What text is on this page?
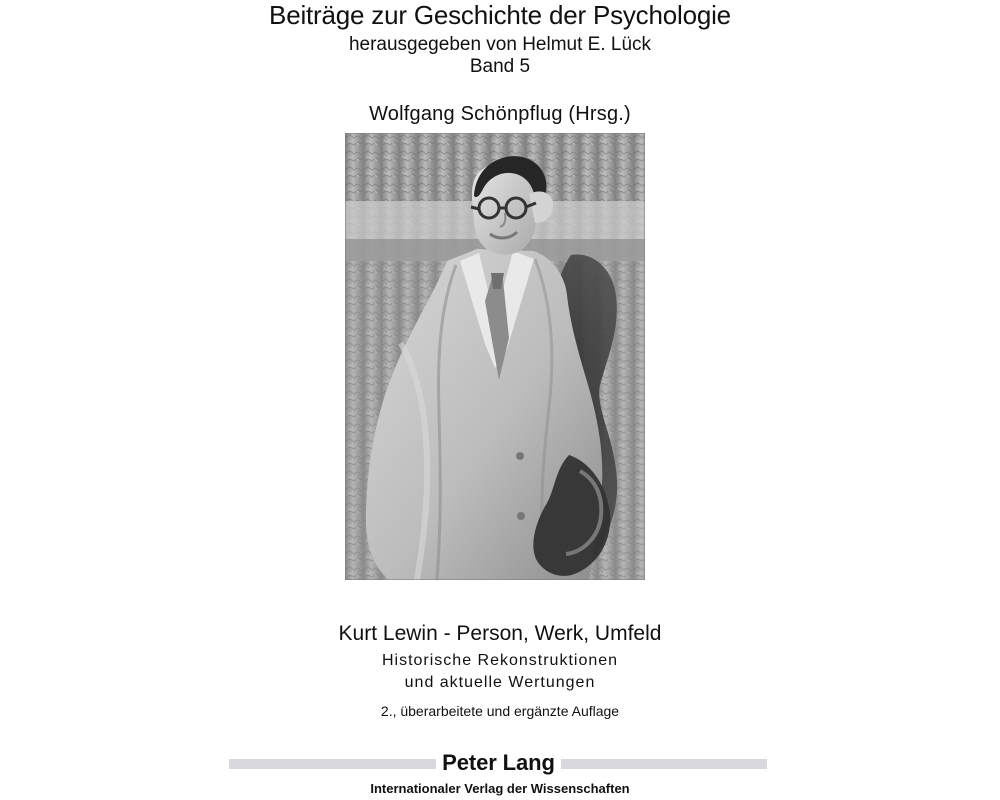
Beiträge zur Geschichte der Psychologie
herausgegeben von Helmut E. Lück
Band 5
Wolfgang Schönpflug (Hrsg.)
Kurt Lewin - Person, Werk, Umfeld
Historische Rekonstruktionen
und aktuelle Wertungen
2., überarbeitete und ergänzte Auflage
Peter Lang
Internationaler Verlag der Wissenschaften
